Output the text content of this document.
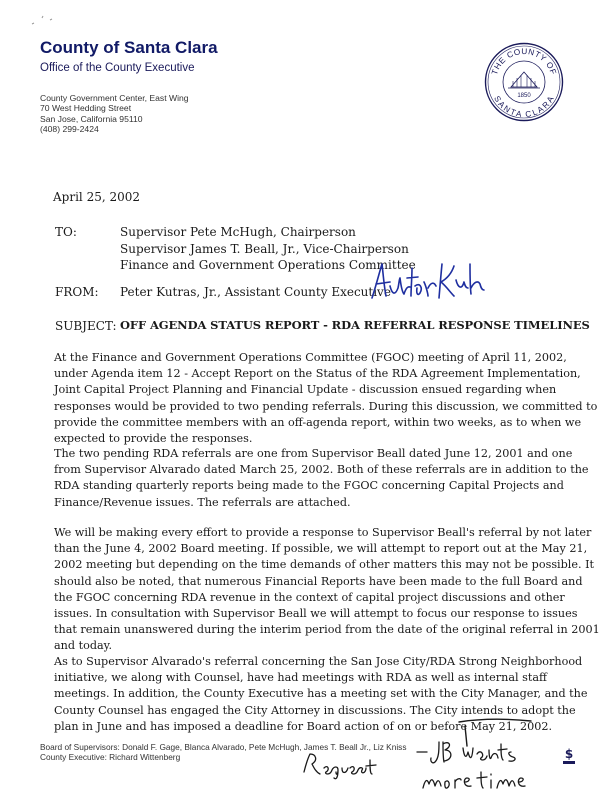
County of Santa Clara
Office of the County Executive
County Government Center, East Wing
70 West Hedding Street
San Jose, California 95110
(408) 299-2424
THE COUNTY OF
SANTA CLARA
1850
April 25, 2002
TO:	Supervisor Pete McHugh, Chairperson
Supervisor James T. Beall, Jr., Vice-Chairperson
Finance and Government Operations Committee
FROM: Peter Kutras, Jr., Assistant County Executive
SUBJECT: OFF AGENDA STATUS REPORT - RDA REFERRAL RESPONSE TIMELINES

At the Finance and Government Operations Committee (FGOC) meeting of April 11, 2002, under Agenda item 12 - Accept Report on the Status of the RDA Agreement Implementation, Joint Capital Project Planning and Financial Update - discussion ensued regarding when responses would be provided to two pending referrals. During this discussion, we committed to provide the committee members with an off-agenda report, within two weeks, as to when we expected to provide the responses.

The two pending RDA referrals are one from Supervisor Beall dated June 12, 2001 and one from Supervisor Alvarado dated March 25, 2002. Both of these referrals are in addition to the RDA standing quarterly reports being made to the FGOC concerning Capital Projects and Finance/Revenue issues. The referrals are attached.

We will be making every effort to provide a response to Supervisor Beall's referral by not later than the June 4, 2002 Board meeting. If possible, we will attempt to report out at the May 21, 2002 meeting but depending on the time demands of other matters this may not be possible. It should also be noted, that numerous Financial Reports have been made to the full Board and the FGOC concerning RDA revenue in the context of capital project discussions and other issues. In consultation with Supervisor Beall we will attempt to focus our response to issues that remain unanswered during the interim period from the date of the original referral in 2001 and today.

As to Supervisor Alvarado's referral concerning the San Jose City/RDA Strong Neighborhood initiative, we along with Counsel, have had meetings with RDA as well as internal staff meetings. In addition, the County Executive has a meeting set with the City Manager, and the County Counsel has engaged the City Attorney in discussions. The City intends to adopt the plan in June and has imposed a deadline for Board action of on or before May 21, 2002.

Board of Supervisors: Donald F. Gage, Blanca Alvarado, Pete McHugh, James T. Beall Jr., Liz Kniss
County Executive: Richard Wittenberg	$
